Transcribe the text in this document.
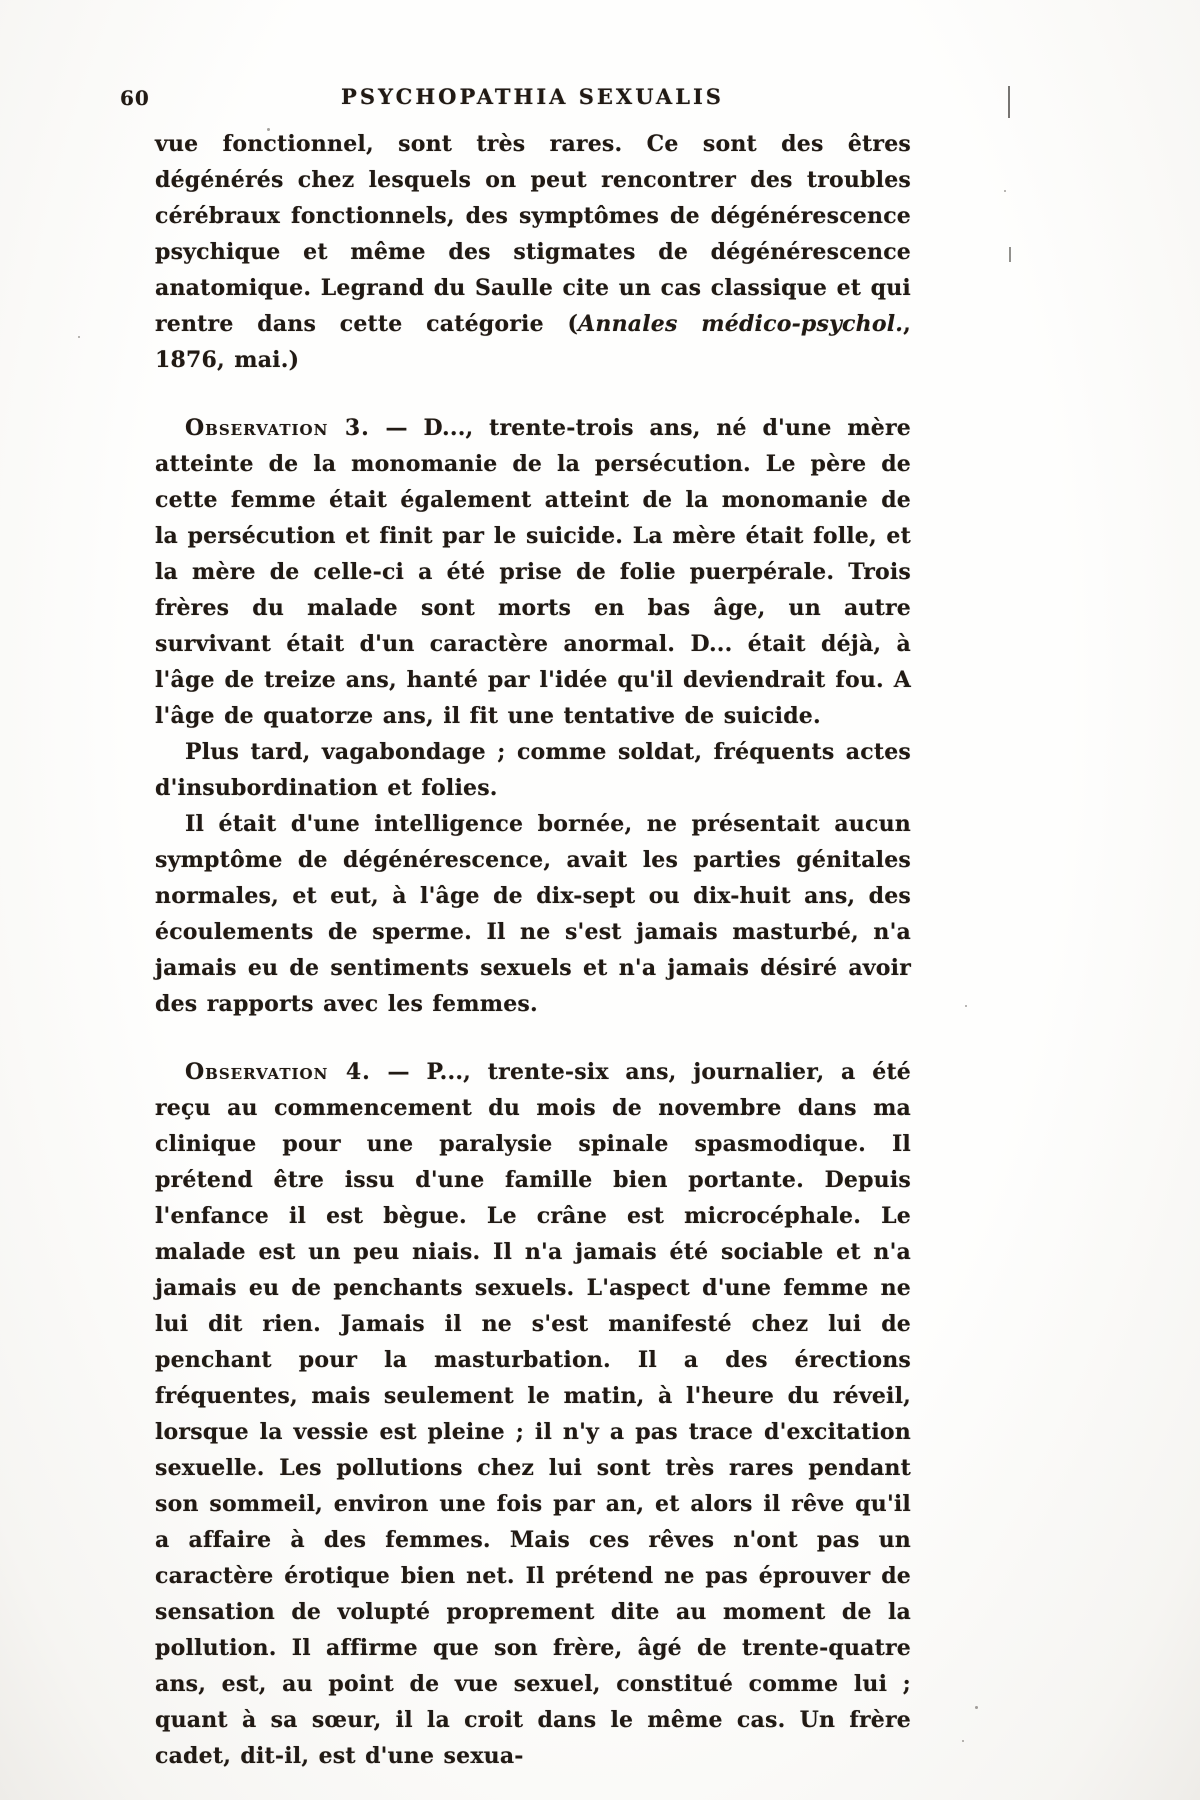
60	PSYCHOPATHIA SEXUALIS

vue fonctionnel, sont très rares. Ce sont des êtres dégénérés chez lesquels on peut rencontrer des troubles cérébraux fonctionnels, des symptômes de dégénérescence psychique et même des stigmates de dégénérescence anatomique. Legrand du Saulle cite un cas classique et qui rentre dans cette catégorie (Annales médico-psychol., 1876, mai.)

Observation 3. — D..., trente-trois ans, né d'une mère atteinte de la monomanie de la persécution. Le père de cette femme était également atteint de la monomanie de la persécution et finit par le suicide. La mère était folle, et la mère de celle-ci a été prise de folie puerpérale. Trois frères du malade sont morts en bas âge, un autre survivant était d'un caractère anormal. D... était déjà, à l'âge de treize ans, hanté par l'idée qu'il deviendrait fou. A l'âge de quatorze ans, il fit une tentative de suicide.

Plus tard, vagabondage ; comme soldat, fréquents actes d'insubordination et folies.

Il était d'une intelligence bornée, ne présentait aucun symptôme de dégénérescence, avait les parties génitales normales, et eut, à l'âge de dix-sept ou dix-huit ans, des écoulements de sperme. Il ne s'est jamais masturbé, n'a jamais eu de sentiments sexuels et n'a jamais désiré avoir des rapports avec les femmes.

Observation 4. — P..., trente-six ans, journalier, a été reçu au commencement du mois de novembre dans ma clinique pour une paralysie spinale spasmodique. Il prétend être issu d'une famille bien portante. Depuis l'enfance il est bègue. Le crâne est microcéphale. Le malade est un peu niais. Il n'a jamais été sociable et n'a jamais eu de penchants sexuels. L'aspect d'une femme ne lui dit rien. Jamais il ne s'est manifesté chez lui de penchant pour la masturbation. Il a des érections fréquentes, mais seulement le matin, à l'heure du réveil, lorsque la vessie est pleine ; il n'y a pas trace d'excitation sexuelle. Les pollutions chez lui sont très rares pendant son sommeil, environ une fois par an, et alors il rêve qu'il a affaire à des femmes. Mais ces rêves n'ont pas un caractère érotique bien net. Il prétend ne pas éprouver de sensation de volupté proprement dite au moment de la pollution. Il affirme que son frère, âgé de trente-quatre ans, est, au point de vue sexuel, constitué comme lui ; quant à sa sœur, il la croit dans le même cas. Un frère cadet, dit-il, est d'une sexua-
